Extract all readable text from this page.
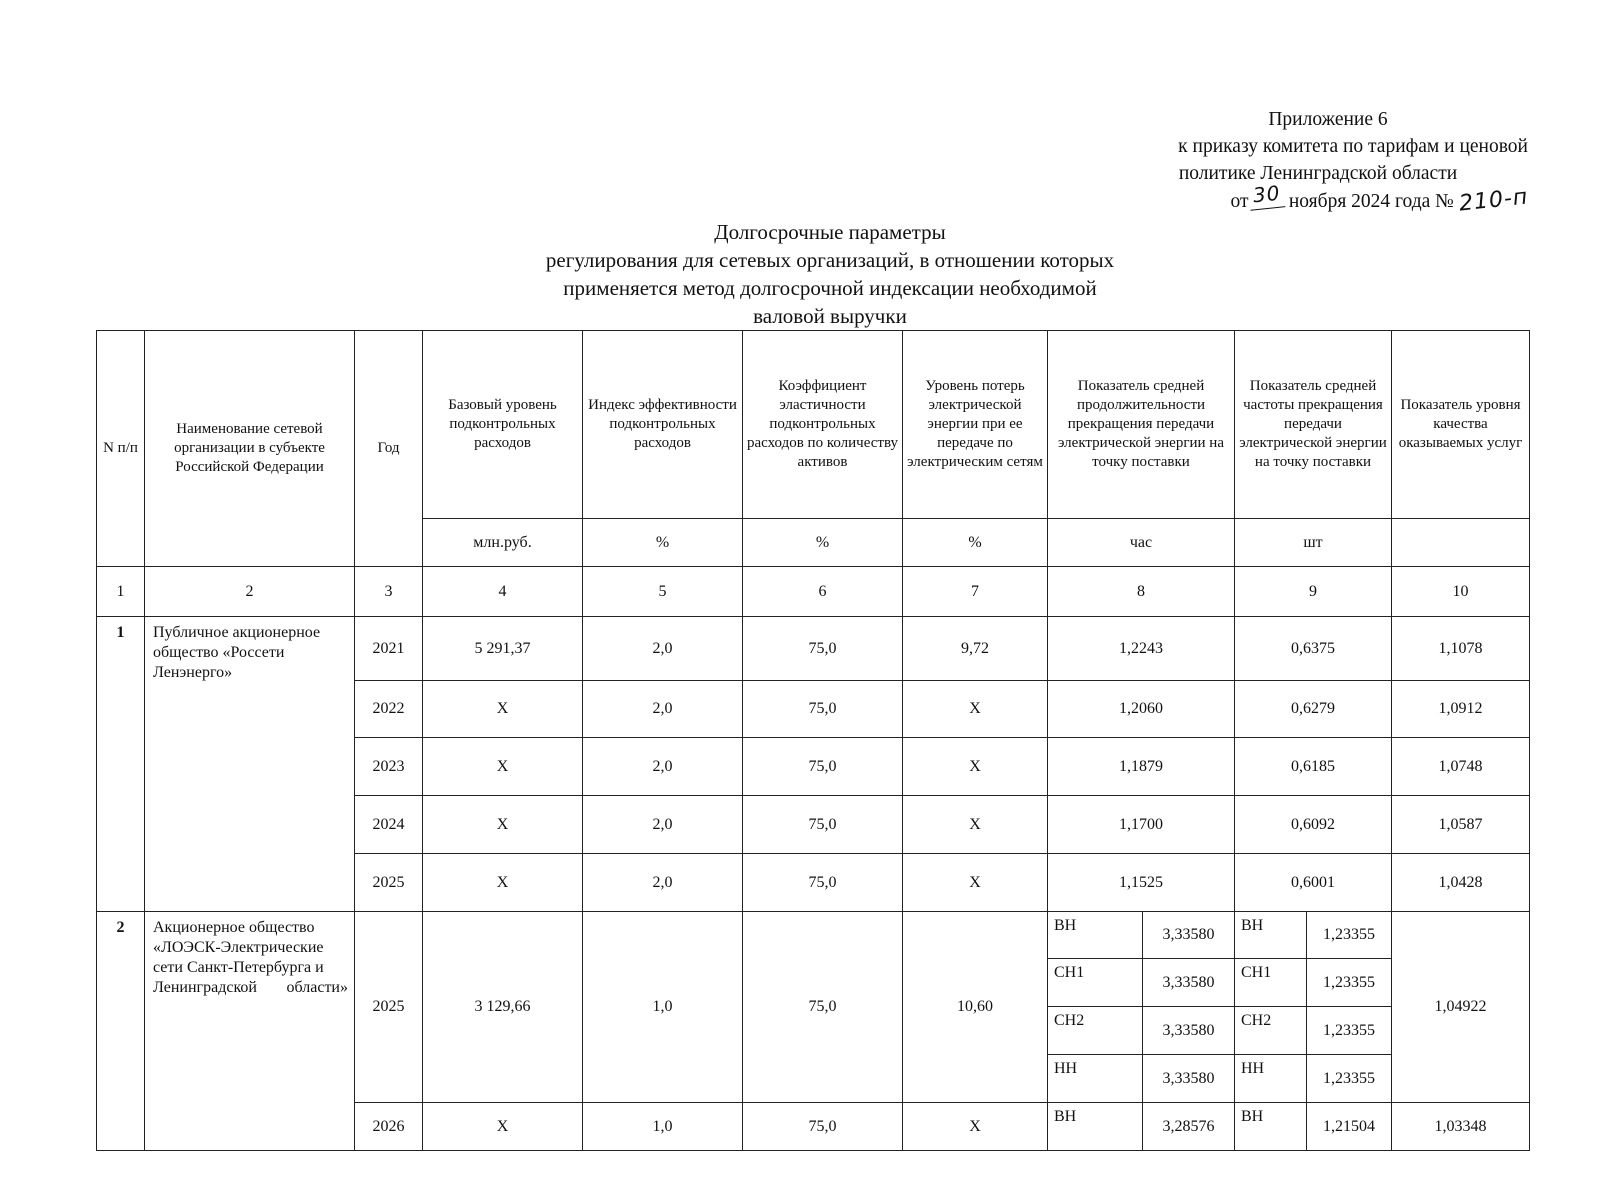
Приложение 6
к приказу комитета по тарифам и ценовой
политике Ленинградской области
от 30 ноября 2024 года № 210-п
Долгосрочные параметры
регулирования для сетевых организаций, в отношении которых
применяется метод долгосрочной индексации необходимой
валовой выручки
N п/п	Наименование сетевой организации в субъекте Российской Федерации	Год	Базовый уровень подконтрольных расходов	Индекс эффективности подконтрольных расходов	Коэффициент эластичности подконтрольных расходов по количеству активов	Уровень потерь электрической энергии при ее передаче по электрическим сетям	Показатель средней продолжительности прекращения передачи электрической энергии на точку поставки		Показатель средней частоты прекращения передачи электрической энергии на точку поставки		Показатель уровня качества оказываемых услуг
			млн.руб.	%	%	%	час		шт		
1	2	3	4	5	6	7	8		9		10
1	Публичное акционерное общество «Россети Ленэнерго»	2021	5 291,37	2,0	75,0	9,72	1,2243		0,6375		1,1078
		2022	X	2,0	75,0	X	1,2060		0,6279		1,0912
		2023	X	2,0	75,0	X	1,1879		0,6185		1,0748
		2024	X	2,0	75,0	X	1,1700		0,6092		1,0587
		2025	X	2,0	75,0	X	1,1525		0,6001		1,0428
2	Акционерное общество «ЛОЭСК-Электрические сети Санкт-Петербурга и Ленинградской области»	2025	3 129,66	1,0	75,0	10,60	ВН	3,33580	ВН	1,23355	1,04922
							СН1	3,33580	СН1	1,23355	
							СН2	3,33580	СН2	1,23355	
							НН	3,33580	НН	1,23355	
		2026	X	1,0	75,0	X	ВН	3,28576	ВН	1,21504	1,03348
